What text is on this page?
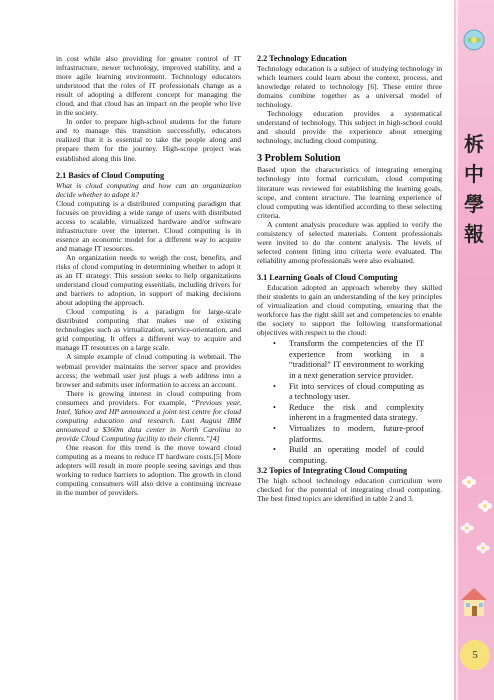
in cost while also providing for greater control of IT infrastructure, newer technology, improved stability, and a more agile learning environment. Technology educators understood that the roles of IT professionals change as a result of adopting a different concept for managing the cloud, and that cloud has an impact on the people who live in the society.

In order to prepare high-school students for the future and to manage this transition successfully, educators realized that it is essential to take the people along and prepare them for the journey. High-scope project was established along this line.

2.1 Basics of Cloud Computing

What is cloud computing and how can an organization decide whether to adopt it?

Cloud computing is a distributed computing paradigm that focuses on providing a wide range of users with distributed access to scalable, virtualized hardware and/or software infrastructure over the internet. Cloud computing is in essence an economic model for a different way to acquire and manage IT resources.

An organization needs to weigh the cost, benefits, and risks of cloud computing in determining whether to adopt it as an IT strategy. This session seeks to help organizations understand cloud computing essentials, including drivers for and barriers to adoption, in support of making decisions about adopting the approach.

Cloud computing is a paradigm for large-scale distributed computing that makes use of existing technologies such as virtualization, service-orientation, and grid computing. It offers a different way to acquire and manage IT resources on a large scale.

A simple example of cloud computing is webmail. The webmail provider maintains the server space and provides access; the webmail user just plugs a web address into a browser and submits user information to access an account.

There is growing interest in cloud computing from consumers and providers. For example, “Previous year, Intel, Yahoo and HP announced a joint test centre for cloud computing education and research. Last August IBM announced a $360m data center in North Carolina to provide Cloud Computing facility to their clients.”[4]

One reason for this trend is the move toward cloud computing as a means to reduce IT hardware costs.[5] More adopters will result in more people seeing savings and thus working to reduce barriers to adoption. The growth in cloud computing consumers will also drive a continuing increase in the number of providers.

2.2 Technology Education

Technology education is a subject of studying technology in which learners could learn about the context, process, and knowledge related to technology [6]. These entire three domains combine together as a universal model of technology.

Technology education provides a systematical understand of technology. This subject in high-school could and should provide the experience about emerging technology, including cloud computing.

3 Problem Solution

Based upon the characteristics of integrating emerging technology into formal curriculum, cloud computing literature was reviewed for establishing the learning goals, scope, and content structure. The learning experience of cloud computing was identified according to these selecting criteria.

A content analysis procedure was applied to verify the consistency of selected materials. Content professionals were invited to do the content analysis. The levels of selected content fitting into criteria were evaluated. The reliability among professionals were also evaluated.

3.1 Learning Goals of Cloud Computing

Education adopted an approach whereby they skilled their students to gain an understanding of the key principles of virtualization and cloud computing, ensuring that the workforce has the right skill set and competencies to enable the society to support the following transformational objectives with respect to the cloud:

• Transform the competencies of the IT experience from working in a “traditional” IT environment to working in a next generation service provider.
• Fit into services of cloud computing as a technology user.
• Reduce the risk and complexity inherent in a fragmented data strategy.
• Virtualizes to modern, future-proof platforms.
• Build an operating model of could computing.

3.2 Topics of Integrating Cloud Computing

The high school technology education curriculum were checked for the potential of integrating cloud computing. The best fitted topics are identified in table 2 and 3.

柝
中
學
報
5
